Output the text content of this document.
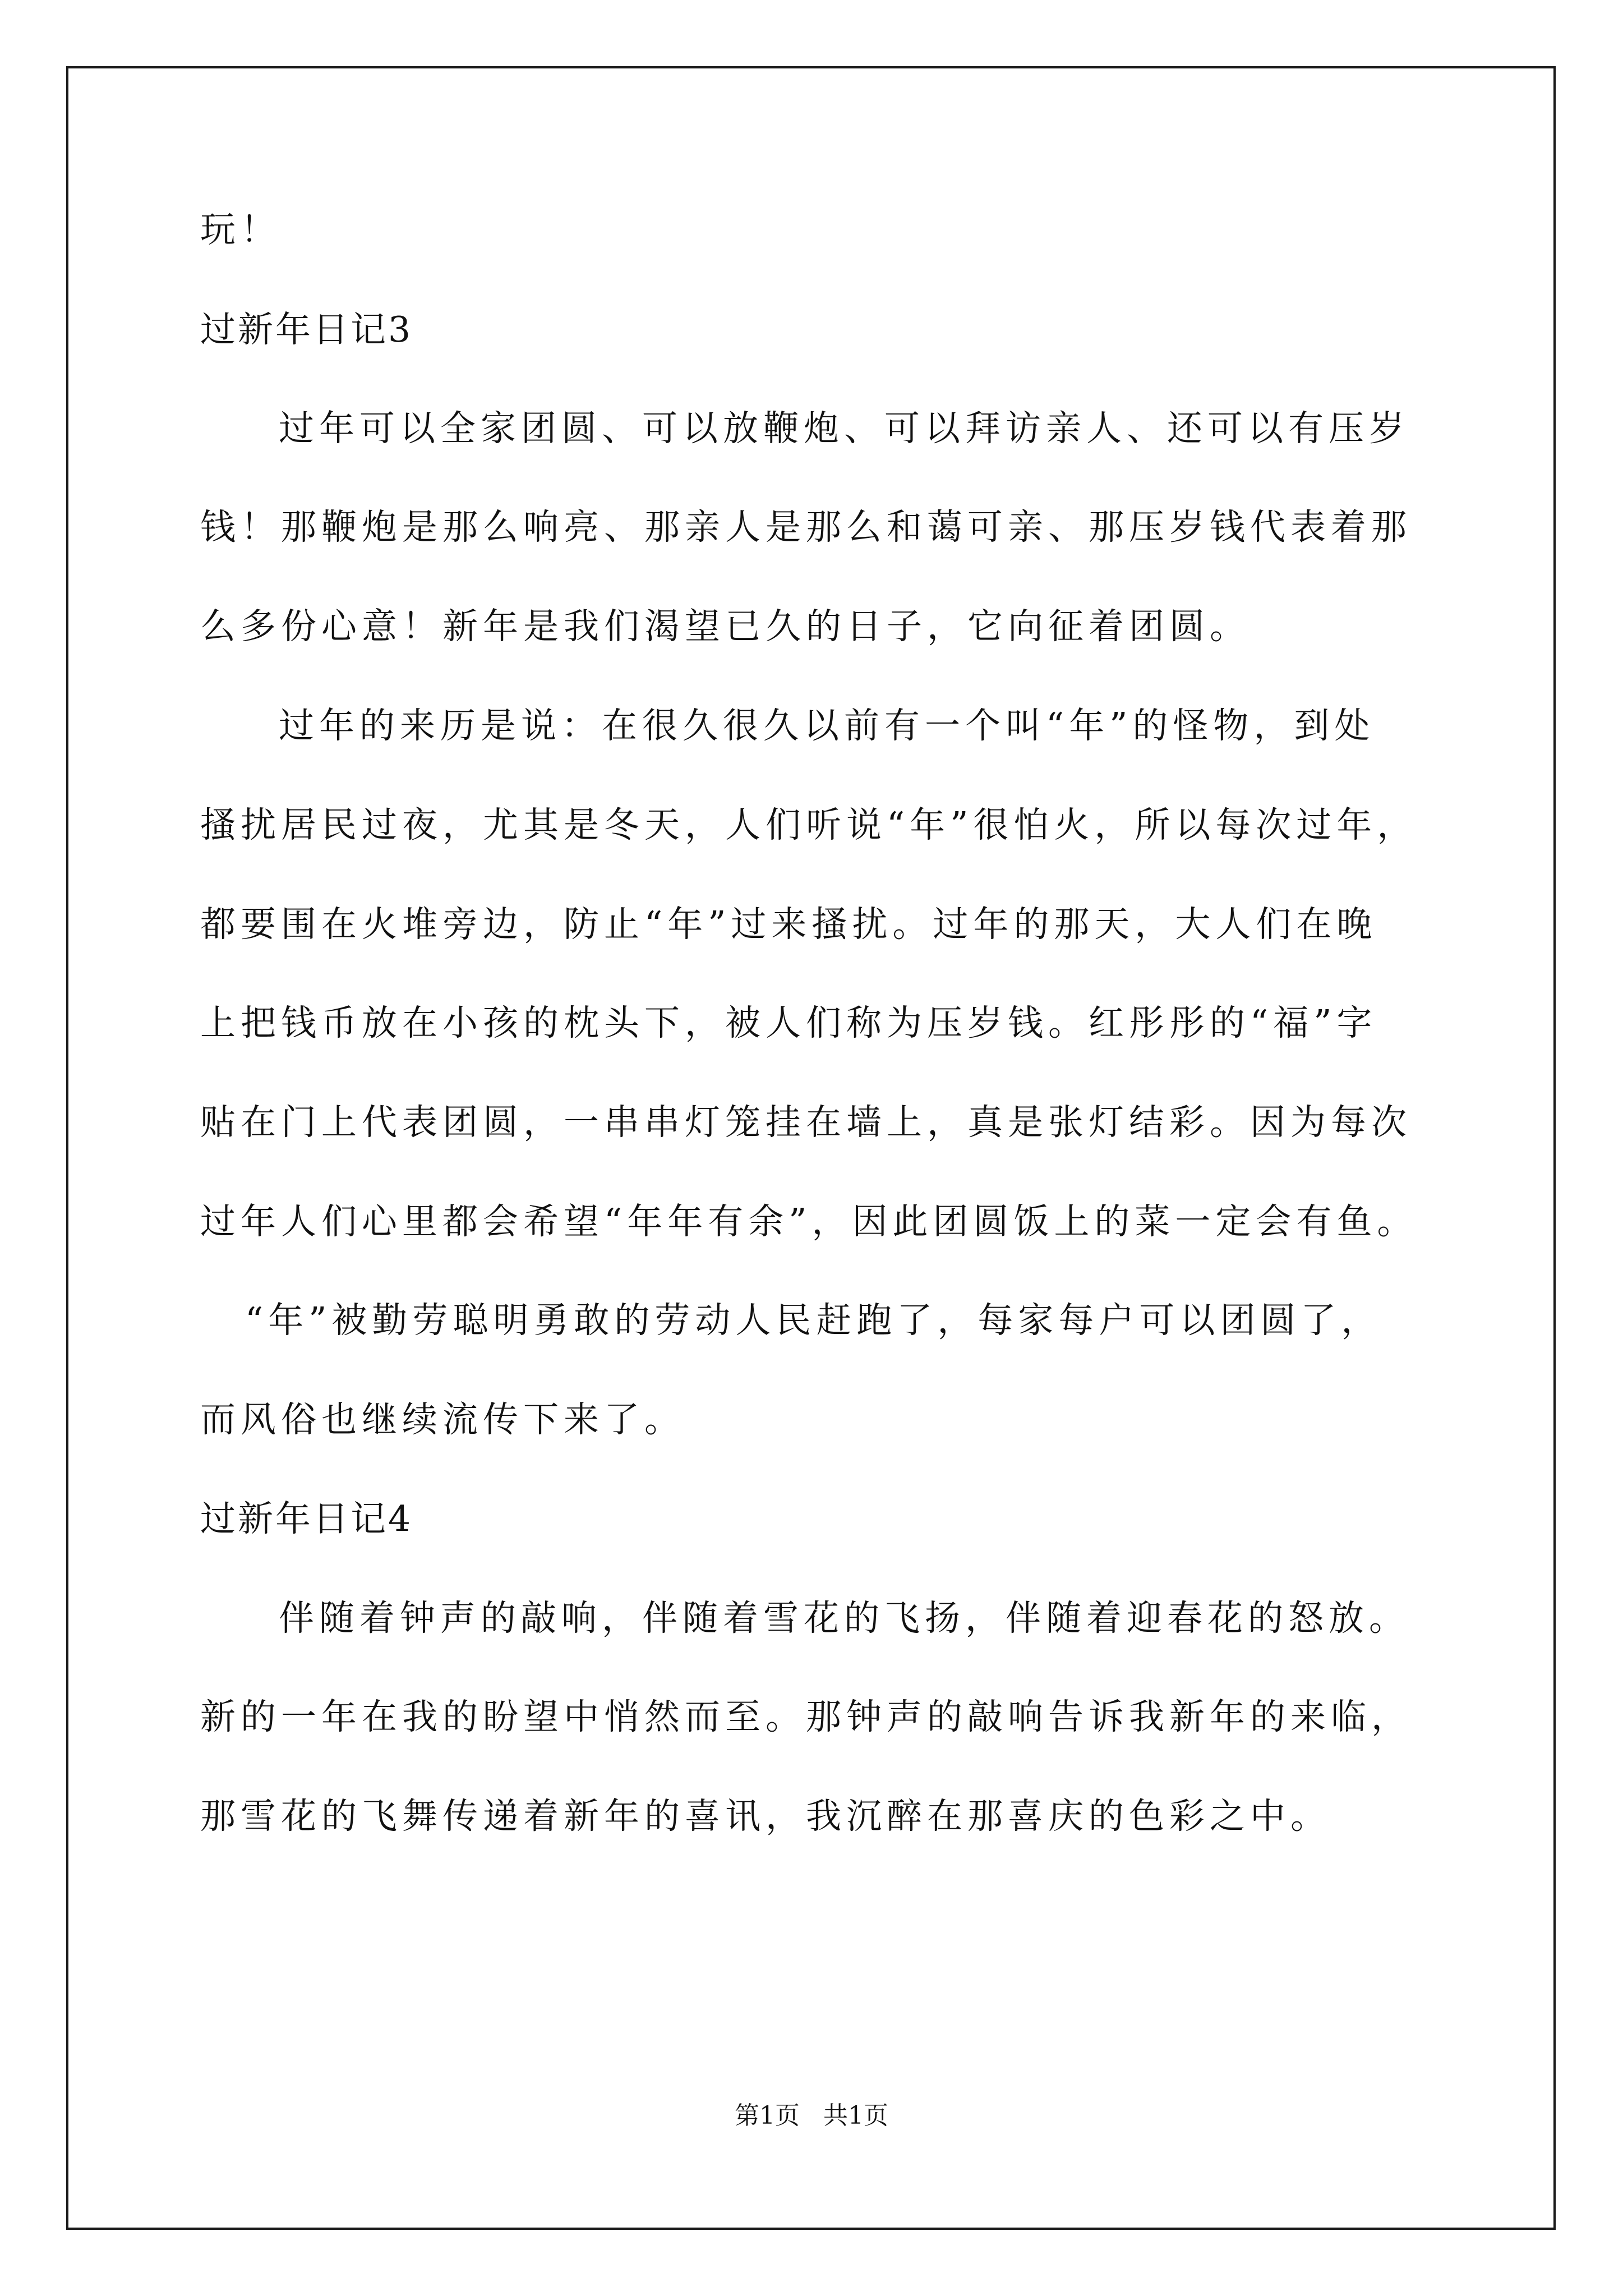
玩！
过新年日记3
过年可以全家团圆、可以放鞭炮、可以拜访亲人、还可以有压岁
钱！那鞭炮是那么响亮、那亲人是那么和蔼可亲、那压岁钱代表着那
么多份心意！新年是我们渴望已久的日子，它向征着团圆。
过年的来历是说：在很久很久以前有一个叫“年”的怪物，到处
搔扰居民过夜，尤其是冬天，人们听说“年”很怕火，所以每次过年，
都要围在火堆旁边，防止“年”过来搔扰。过年的那天，大人们在晚
上把钱币放在小孩的枕头下，被人们称为压岁钱。红彤彤的“福”字
贴在门上代表团圆，一串串灯笼挂在墙上，真是张灯结彩。因为每次
过年人们心里都会希望“年年有余”，因此团圆饭上的菜一定会有鱼。
“年”被勤劳聪明勇敢的劳动人民赶跑了，每家每户可以团圆了，
而风俗也继续流传下来了。
过新年日记4
伴随着钟声的敲响，伴随着雪花的飞扬，伴随着迎春花的怒放。
新的一年在我的盼望中悄然而至。那钟声的敲响告诉我新年的来临，
那雪花的飞舞传递着新年的喜讯，我沉醉在那喜庆的色彩之中。
第1页   共1页
